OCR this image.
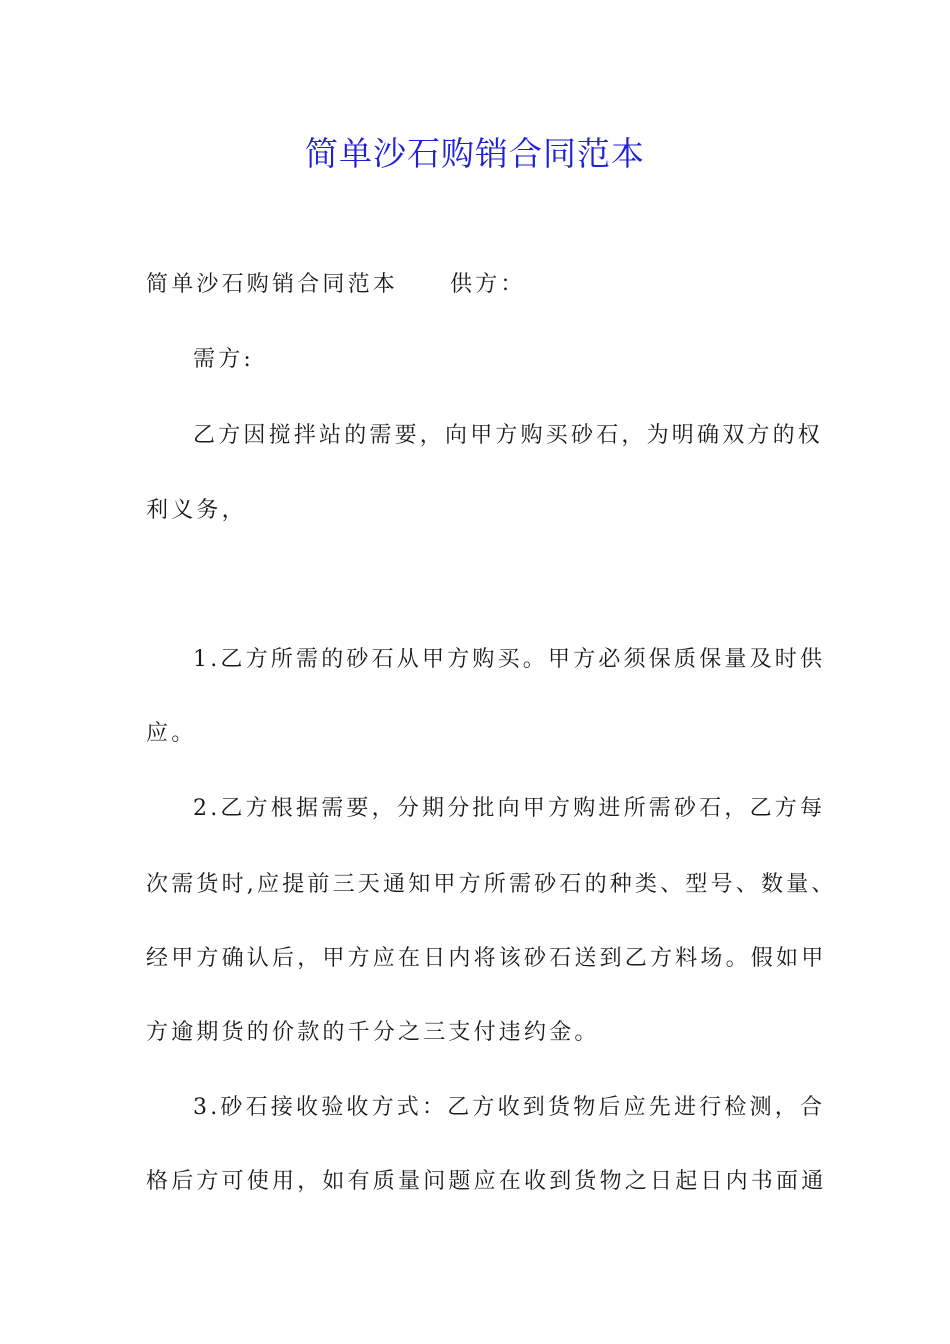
简单沙石购销合同范本
简单沙石购销合同范本 供方：
需方:
乙方因搅拌站的需要，向甲方购买砂石，为明确双方的权
利义务，
1.乙方所需的砂石从甲方购买。甲方必须保质保量及时供
应。
2.乙方根据需要，分期分批向甲方购进所需砂石，乙方每
次需货时,应提前三天通知甲方所需砂石的种类、型号、数量、
经甲方确认后，甲方应在日内将该砂石送到乙方料场。假如甲
方逾期货的价款的千分之三支付违约金。
3.砂石接收验收方式：乙方收到货物后应先进行检测，合
格后方可使用，如有质量问题应在收到货物之日起日内书面通
